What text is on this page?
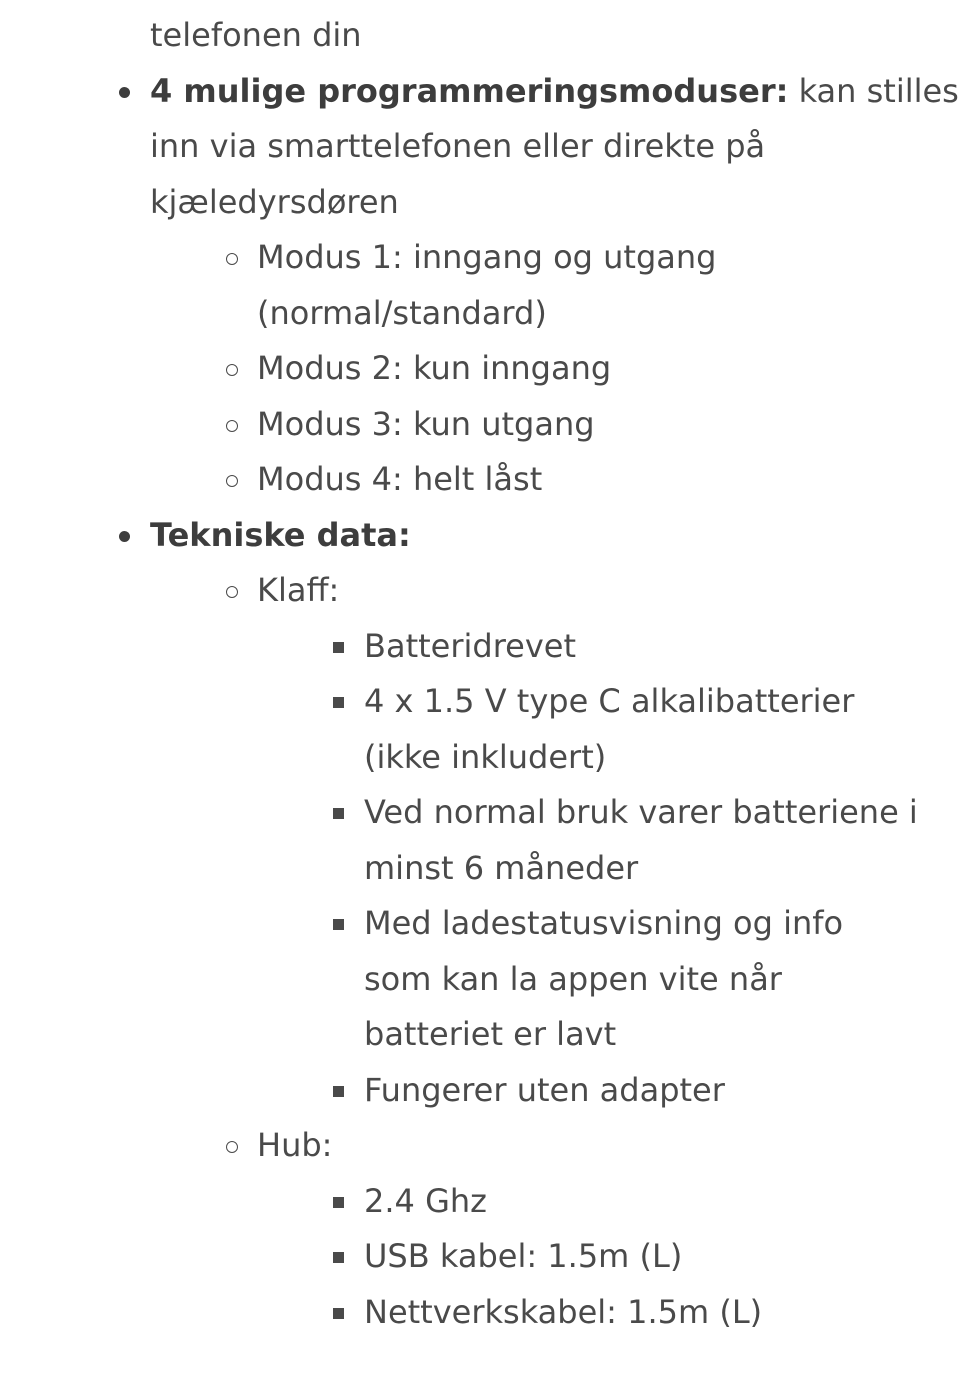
telefonen din
4 mulige programmeringsmoduser: kan stilles
inn via smarttelefonen eller direkte på
kjæledyrsdøren
Modus 1: inngang og utgang
(normal/standard)
Modus 2: kun inngang
Modus 3: kun utgang
Modus 4: helt låst
Tekniske data:
Klaff:
Batteridrevet
4 x 1.5 V type C alkalibatterier
(ikke inkludert)
Ved normal bruk varer batteriene i
minst 6 måneder
Med ladestatusvisning og info
som kan la appen vite når
batteriet er lavt
Fungerer uten adapter
Hub:
2.4 Ghz
USB kabel: 1.5m (L)
Nettverkskabel: 1.5m (L)
